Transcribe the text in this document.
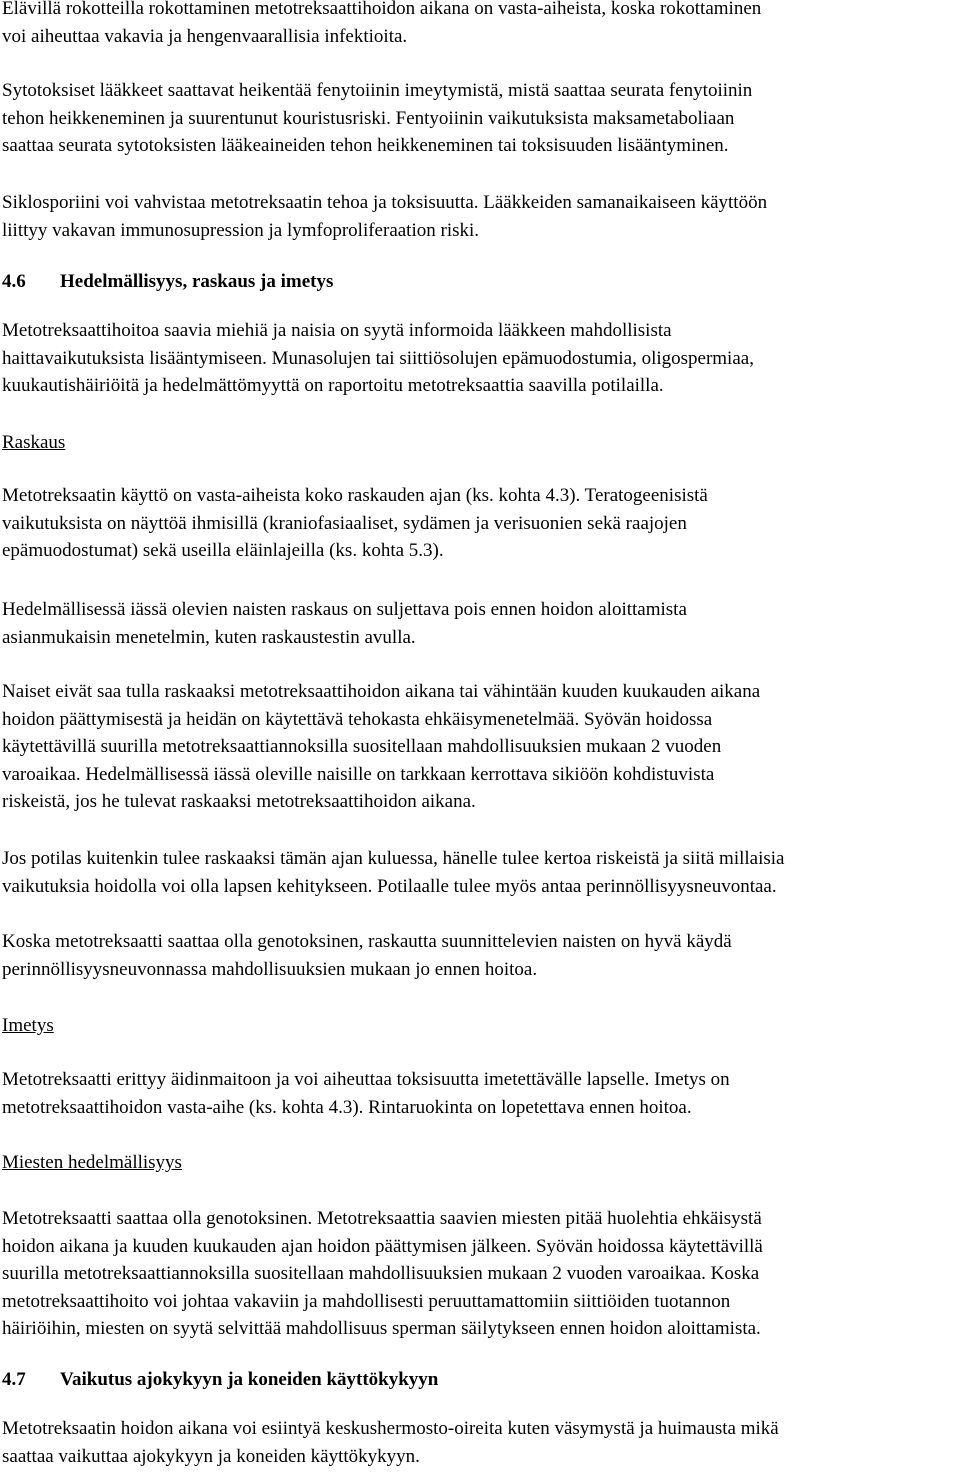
Elävillä rokotteilla rokottaminen metotreksaattihoidon aikana on vasta-aiheista, koska rokottaminen
voi aiheuttaa vakavia ja hengenvaarallisia infektioita.
Sytotoksiset lääkkeet saattavat heikentää fenytoiinin imeytymistä, mistä saattaa seurata fenytoiinin
tehon heikkeneminen ja suurentunut kouristusriski. Fentyoiinin vaikutuksista maksametaboliaan
saattaa seurata sytotoksisten lääkeaineiden tehon heikkeneminen tai toksisuuden lisääntyminen.
Siklosporiini voi vahvistaa metotreksaatin tehoa ja toksisuutta. Lääkkeiden samanaikaiseen käyttöön
liittyy vakavan immunosupression ja lymfoproliferaation riski.
4.6 Hedelmällisyys, raskaus ja imetys
Metotreksaattihoitoa saavia miehiä ja naisia on syytä informoida lääkkeen mahdollisista
haittavaikutuksista lisääntymiseen. Munasolujen tai siittiösolujen epämuodostumia, oligospermiaa,
kuukautishäiriöitä ja hedelmättömyyttä on raportoitu metotreksaattia saavilla potilailla.
Raskaus
Metotreksaatin käyttö on vasta-aiheista koko raskauden ajan (ks. kohta 4.3). Teratogeenisistä
vaikutuksista on näyttöä ihmisillä (kraniofasiaaliset, sydämen ja verisuonien sekä raajojen
epämuodostumat) sekä useilla eläinlajeilla (ks. kohta 5.3).
Hedelmällisessä iässä olevien naisten raskaus on suljettava pois ennen hoidon aloittamista
asianmukaisin menetelmin, kuten raskaustestin avulla.
Naiset eivät saa tulla raskaaksi metotreksaattihoidon aikana tai vähintään kuuden kuukauden aikana
hoidon päättymisestä ja heidän on käytettävä tehokasta ehkäisymenetelmää. Syövän hoidossa
käytettävillä suurilla metotreksaattiannoksilla suositellaan mahdollisuuksien mukaan 2 vuoden
varoaikaa. Hedelmällisessä iässä oleville naisille on tarkkaan kerrottava sikiöön kohdistuvista
riskeistä, jos he tulevat raskaaksi metotreksaattihoidon aikana.
Jos potilas kuitenkin tulee raskaaksi tämän ajan kuluessa, hänelle tulee kertoa riskeistä ja siitä millaisia
vaikutuksia hoidolla voi olla lapsen kehitykseen. Potilaalle tulee myös antaa perinnöllisyysneuvontaa.
Koska metotreksaatti saattaa olla genotoksinen, raskautta suunnittelevien naisten on hyvä käydä
perinnöllisyysneuvonnassa mahdollisuuksien mukaan jo ennen hoitoa.
Imetys
Metotreksaatti erittyy äidinmaitoon ja voi aiheuttaa toksisuutta imetettävälle lapselle. Imetys on
metotreksaattihoidon vasta-aihe (ks. kohta 4.3). Rintaruokinta on lopetettava ennen hoitoa.
Miesten hedelmällisyys
Metotreksaatti saattaa olla genotoksinen. Metotreksaattia saavien miesten pitää huolehtia ehkäisystä
hoidon aikana ja kuuden kuukauden ajan hoidon päättymisen jälkeen. Syövän hoidossa käytettävillä
suurilla metotreksaattiannoksilla suositellaan mahdollisuuksien mukaan 2 vuoden varoaikaa. Koska
metotreksaattihoito voi johtaa vakaviin ja mahdollisesti peruuttamattomiin siittiöiden tuotannon
häiriöihin, miesten on syytä selvittää mahdollisuus sperman säilytykseen ennen hoidon aloittamista.
4.7 Vaikutus ajokykyyn ja koneiden käyttökykyyn
Metotreksaatin hoidon aikana voi esiintyä keskushermosto-oireita kuten väsymystä ja huimausta mikä
saattaa vaikuttaa ajokykyyn ja koneiden käyttökykyyn.
